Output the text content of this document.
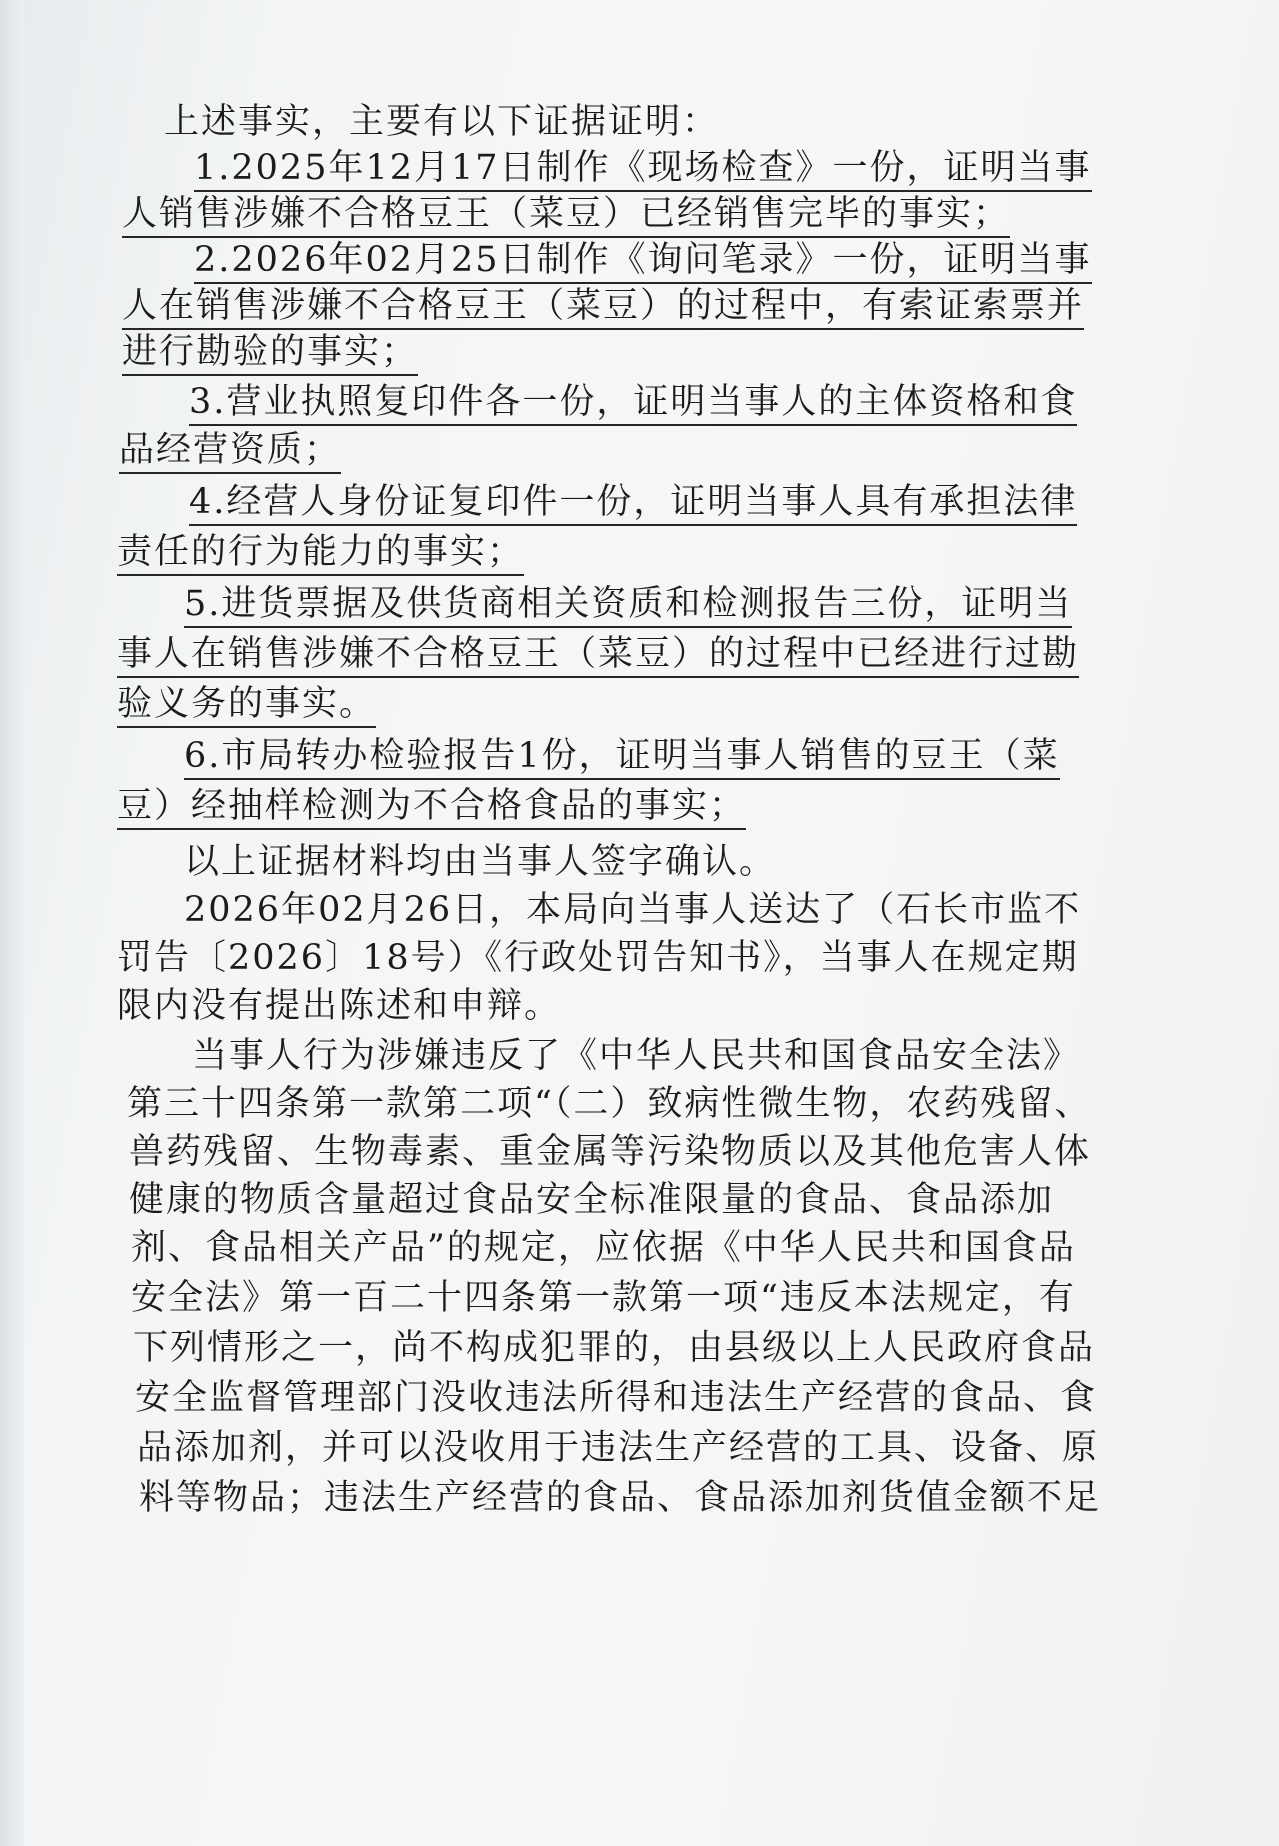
上述事实，主要有以下证据证明：
1.2025年12月17日制作《现场检查》一份，证明当事
人销售涉嫌不合格豆王（菜豆）已经销售完毕的事实；
2.2026年02月25日制作《询问笔录》一份，证明当事
人在销售涉嫌不合格豆王（菜豆）的过程中，有索证索票并
进行勘验的事实；
3.营业执照复印件各一份，证明当事人的主体资格和食
品经营资质；
4.经营人身份证复印件一份，证明当事人具有承担法律
责任的行为能力的事实；
5.进货票据及供货商相关资质和检测报告三份，证明当
事人在销售涉嫌不合格豆王（菜豆）的过程中已经进行过勘
验义务的事实。
6.市局转办检验报告1份，证明当事人销售的豆王（菜
豆）经抽样检测为不合格食品的事实；
以上证据材料均由当事人签字确认。
2026年02月26日，本局向当事人送达了（石长市监不
罚告〔2026〕18号）《行政处罚告知书》，当事人在规定期
限内没有提出陈述和申辩。
当事人行为涉嫌违反了《中华人民共和国食品安全法》
第三十四条第一款第二项“（二）致病性微生物，农药残留、
兽药残留、生物毒素、重金属等污染物质以及其他危害人体
健康的物质含量超过食品安全标准限量的食品、食品添加
剂、食品相关产品”的规定，应依据《中华人民共和国食品
安全法》第一百二十四条第一款第一项“违反本法规定，有
下列情形之一，尚不构成犯罪的，由县级以上人民政府食品
安全监督管理部门没收违法所得和违法生产经营的食品、食
品添加剂，并可以没收用于违法生产经营的工具、设备、原
料等物品；违法生产经营的食品、食品添加剂货值金额不足
